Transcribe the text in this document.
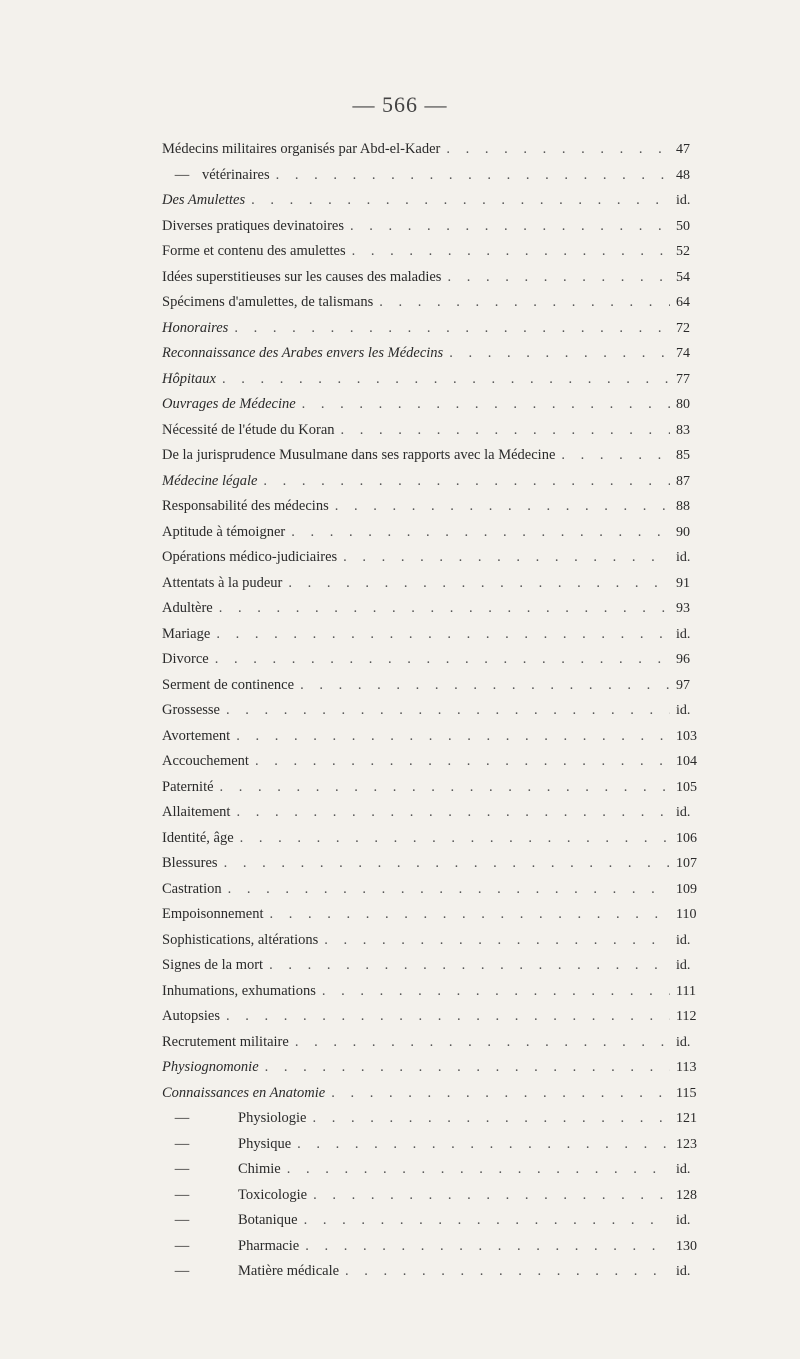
— 566 —
Médecins militaires organisés par Abd-el-Kader . . .	47
— vétérinaires . . .	48
Des Amulettes . . .	id.
Diverses pratiques devinatoires . . .	50
Forme et contenu des amulettes . . .	52
Idées superstitieuses sur les causes des maladies . . .	54
Spécimens d'amulettes, de talismans . . .	64
Honoraires . . .	72
Reconnaissance des Arabes envers les Médecins . . .	74
Hôpitaux . . .	77
Ouvrages de Médecine . . .	80
Nécessité de l'étude du Koran . . .	83
De la jurisprudence Musulmane dans ses rapports avec la Médecine . . .	85
Médecine légale . . .	87
Responsabilité des médecins . . .	88
Aptitude à témoigner . . .	90
Opérations médico-judiciaires . . .	id.
Attentats à la pudeur . . .	91
Adultère . . .	93
Mariage . . .	id.
Divorce . . .	96
Serment de continence . . .	97
Grossesse . . .	id.
Avortement . . .	103
Accouchement . . .	104
Paternité . . .	105
Allaitement . . .	id.
Identité, âge . . .	106
Blessures . . .	107
Castration . . .	109
Empoisonnement . . .	110
Sophistications, altérations . . .	id.
Signes de la mort . . .	id.
Inhumations, exhumations . . .	111
Autopsies . . .	112
Recrutement militaire . . .	id.
Physiognomonie . . .	113
Connaissances en Anatomie . . .	115
—	Physiologie . . .	121
—	Physique . . .	123
—	Chimie . . .	id.
—	Toxicologie . . .	128
—	Botanique . . .	id.
—	Pharmacie . . .	130
—	Matière médicale . . .	id.
